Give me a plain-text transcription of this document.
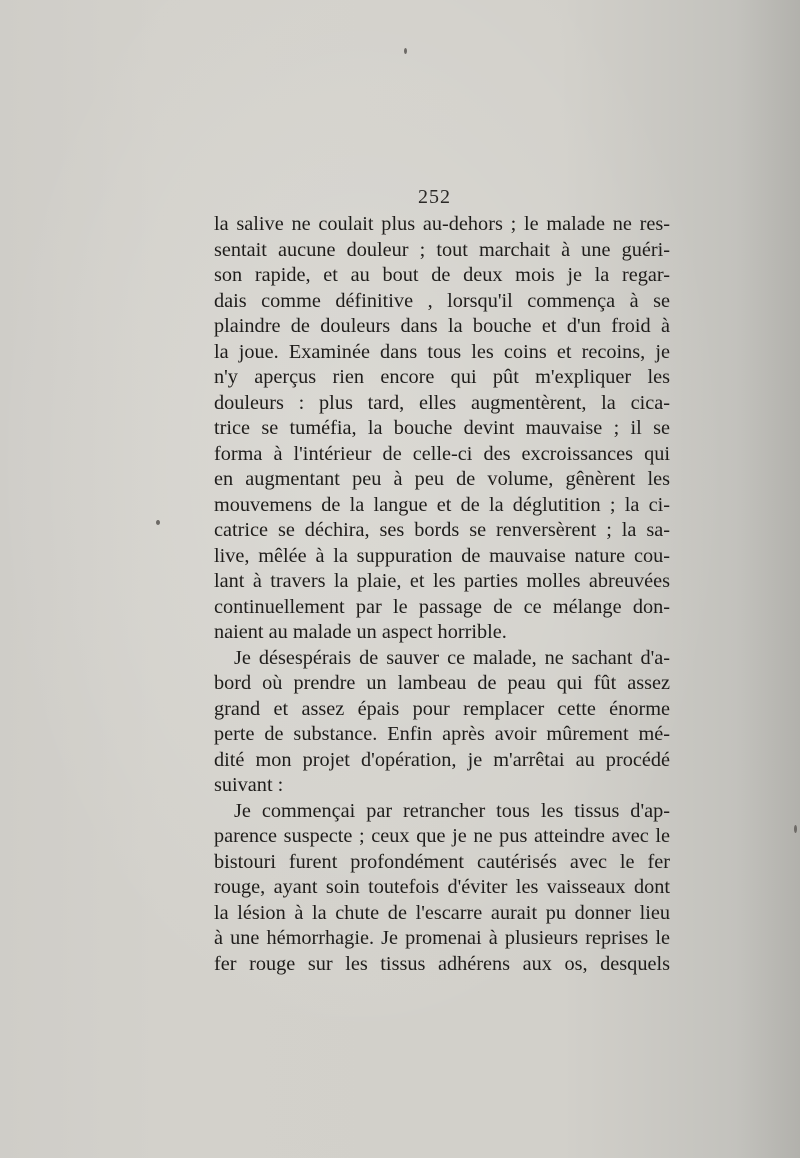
252

la salive ne coulait plus au-dehors ; le malade ne res-
sentait aucune douleur ; tout marchait à une guéri-
son rapide, et au bout de deux mois je la regar-
dais comme définitive , lorsqu'il commença à se
plaindre de douleurs dans la bouche et d'un froid à
la joue. Examinée dans tous les coins et recoins, je
n'y aperçus rien encore qui pût m'expliquer les
douleurs : plus tard, elles augmentèrent, la cica-
trice se tuméfia, la bouche devint mauvaise ; il se
forma à l'intérieur de celle-ci des excroissances qui
en augmentant peu à peu de volume, gênèrent les
mouvemens de la langue et de la déglutition ; la ci-
catrice se déchira, ses bords se renversèrent ; la sa-
live, mêlée à la suppuration de mauvaise nature cou-
lant à travers la plaie, et les parties molles abreuvées
continuellement par le passage de ce mélange don-
naient au malade un aspect horrible.

Je désespérais de sauver ce malade, ne sachant d'a-
bord où prendre un lambeau de peau qui fût assez
grand et assez épais pour remplacer cette énorme
perte de substance. Enfin après avoir mûrement mé-
dité mon projet d'opération, je m'arrêtai au procédé
suivant :

Je commençai par retrancher tous les tissus d'ap-
parence suspecte ; ceux que je ne pus atteindre avec le
bistouri furent profondément cautérisés avec le fer
rouge, ayant soin toutefois d'éviter les vaisseaux dont
la lésion à la chute de l'escarre aurait pu donner lieu
à une hémorrhagie. Je promenai à plusieurs reprises le
fer rouge sur les tissus adhérens aux os, desquels
